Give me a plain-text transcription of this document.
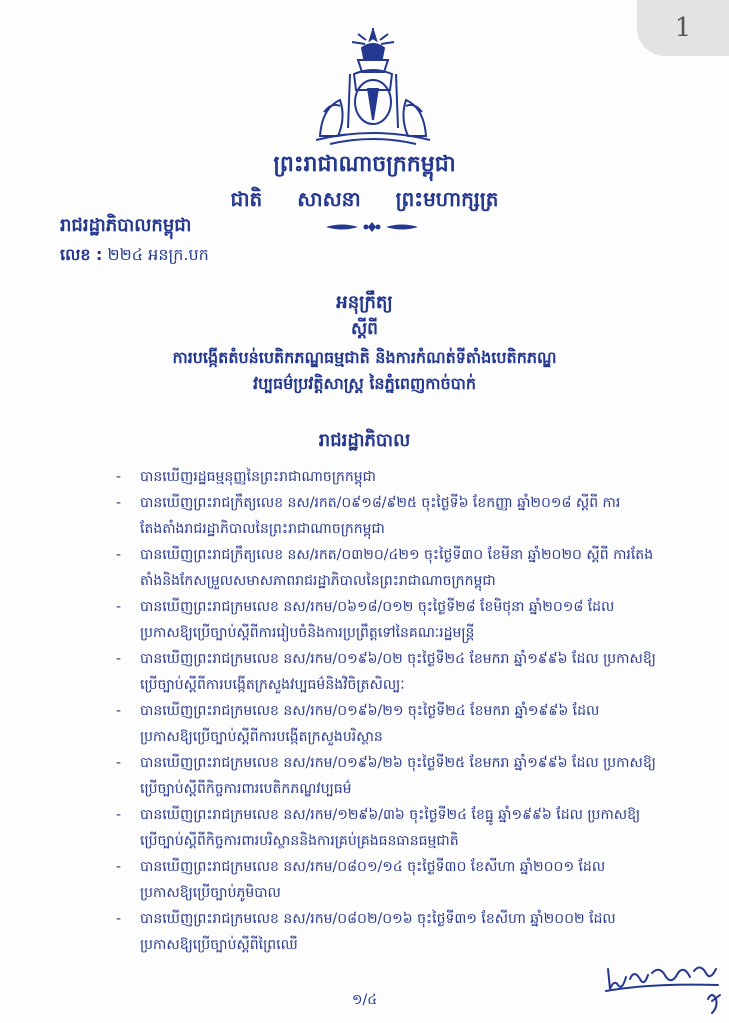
1
ព្រះរាជាណាចក្រកម្ពុជា
ជាតិ សាសនា ព្រះមហាក្សត្រ
រាជរដ្ឋាភិបាលកម្ពុជា
លេខ : ២២៤ អនក្រ.បក
អនុក្រឹត្យ
ស្តីពី
ការបង្កើតតំបន់បេតិកភណ្ឌធម្មជាតិ និងការកំណត់ទីតាំងបេតិកភណ្ឌ
វប្បធម៌ប្រវត្តិសាស្ត្រ នៃភ្នំពេញកាច់បាក់
រាជរដ្ឋាភិបាល
- បានឃើញរដ្ឋធម្មនុញ្ញនៃព្រះរាជាណាចក្រកម្ពុជា
- បានឃើញព្រះរាជក្រឹត្យលេខ នស/រកត/០៩១៨/៩២៥ ចុះថ្ងៃទី៦ ខែកញ្ញា ឆ្នាំ២០១៨ ស្តីពី ការតែងតាំងរាជរដ្ឋាភិបាលនៃព្រះរាជាណាចក្រកម្ពុជា
- បានឃើញព្រះរាជក្រឹត្យលេខ នស/រកត/០៣២០/៤២១ ចុះថ្ងៃទី៣០ ខែមីនា ឆ្នាំ២០២០ ស្តីពី ការតែងតាំងនិងកែសម្រួលសមាសភាពរាជរដ្ឋាភិបាលនៃព្រះរាជាណាចក្រកម្ពុជា
- បានឃើញព្រះរាជក្រមលេខ នស/រកម/០៦១៨/០១២ ចុះថ្ងៃទី២៨ ខែមិថុនា ឆ្នាំ២០១៨ ដែល ប្រកាសឱ្យប្រើច្បាប់ស្តីពីការរៀបចំនិងការប្រព្រឹត្តទៅនៃគណៈរដ្ឋមន្ត្រី
- បានឃើញព្រះរាជក្រមលេខ នស/រកម/០១៩៦/០២ ចុះថ្ងៃទី២៤ ខែមករា ឆ្នាំ១៩៩៦ ដែល ប្រកាសឱ្យប្រើច្បាប់ស្តីពីការបង្កើតក្រសួងវប្បធម៌និងវិចិត្រសិល្បៈ
- បានឃើញព្រះរាជក្រមលេខ នស/រកម/០១៩៦/២១ ចុះថ្ងៃទី២៤ ខែមករា ឆ្នាំ១៩៩៦ ដែល ប្រកាសឱ្យប្រើច្បាប់ស្តីពីការបង្កើតក្រសួងបរិស្ថាន
- បានឃើញព្រះរាជក្រមលេខ នស/រកម/០១៩៦/២៦ ចុះថ្ងៃទី២៥ ខែមករា ឆ្នាំ១៩៩៦ ដែល ប្រកាសឱ្យប្រើច្បាប់ស្តីពីកិច្ចការពារបេតិកភណ្ឌវប្បធម៌
- បានឃើញព្រះរាជក្រមលេខ នស/រកម/១២៩៦/៣៦ ចុះថ្ងៃទី២៤ ខែធ្នូ ឆ្នាំ១៩៩៦ ដែល ប្រកាសឱ្យប្រើច្បាប់ស្តីពីកិច្ចការពារបរិស្ថាននិងការគ្រប់គ្រងធនធានធម្មជាតិ
- បានឃើញព្រះរាជក្រមលេខ នស/រកម/០៨០១/១៤ ចុះថ្ងៃទី៣០ ខែសីហា ឆ្នាំ២០០១ ដែល ប្រកាសឱ្យប្រើច្បាប់ភូមិបាល
- បានឃើញព្រះរាជក្រមលេខ នស/រកម/០៨០២/០១៦ ចុះថ្ងៃទី៣១ ខែសីហា ឆ្នាំ២០០២ ដែល ប្រកាសឱ្យប្រើច្បាប់ស្តីពីព្រៃឈើ
១/៤
